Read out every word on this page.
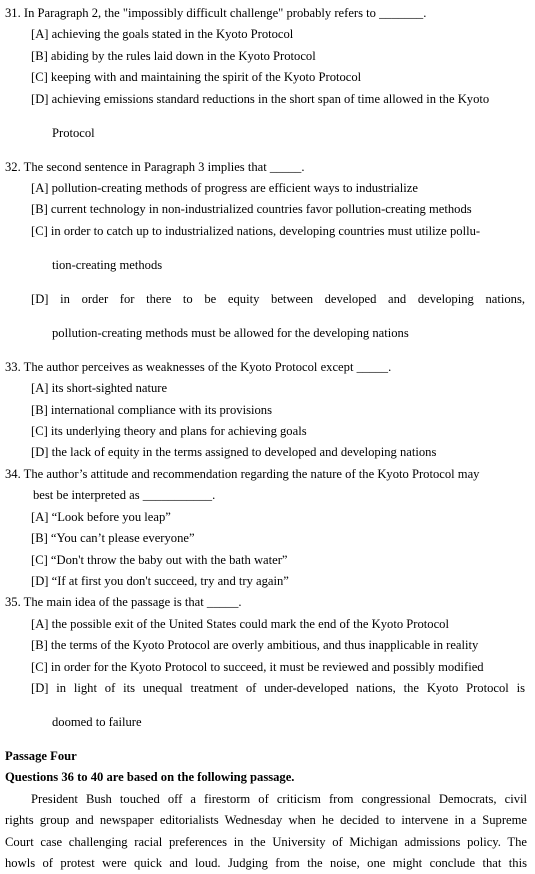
31. In Paragraph 2, the "impossibly difficult challenge" probably refers to _______.

[A] achieving the goals stated in the Kyoto Protocol

[B] abiding by the rules laid down in the Kyoto Protocol

[C] keeping with and maintaining the spirit of the Kyoto Protocol

[D] achieving emissions standard reductions in the short span of time allowed in the Kyoto

Protocol

32. The second sentence in Paragraph 3 implies that _____.

[A] pollution-creating methods of progress are efficient ways to industrialize

[B] current technology in non-industrialized countries favor pollution-creating methods

[C] in order to catch up to industrialized nations, developing countries must utilize pollu-

tion-creating methods

[D] in order for there to be equity between developed and developing nations,

pollution-creating methods must be allowed for the developing nations

33. The author perceives as weaknesses of the Kyoto Protocol except _____.

[A] its short-sighted nature

[B] international compliance with its provisions

[C] its underlying theory and plans for achieving goals

[D] the lack of equity in the terms assigned to developed and developing nations

34. The author’s attitude and recommendation regarding the nature of the Kyoto Protocol may

best be interpreted as ___________.

[A] “Look before you leap”

[B] “You can’t please everyone”

[C] “Don't throw the baby out with the bath water”

[D] “If at first you don't succeed, try and try again”

35. The main idea of the passage is that _____.

[A] the possible exit of the United States could mark the end of the Kyoto Protocol

[B] the terms of the Kyoto Protocol are overly ambitious, and thus inapplicable in reality

[C] in order for the Kyoto Protocol to succeed, it must be reviewed and possibly modified

[D] in light of its unequal treatment of under-developed nations, the Kyoto Protocol is

doomed to failure

Passage Four

Questions 36 to 40 are based on the following passage.

President Bush touched off a firestorm of criticism from congressional Democrats, civil

rights group and newspaper editorialists Wednesday when he decided to intervene in a Supreme

Court case challenging racial preferences in the University of Michigan admissions policy. The

howls of protest were quick and loud. Judging from the noise, one might conclude that this
